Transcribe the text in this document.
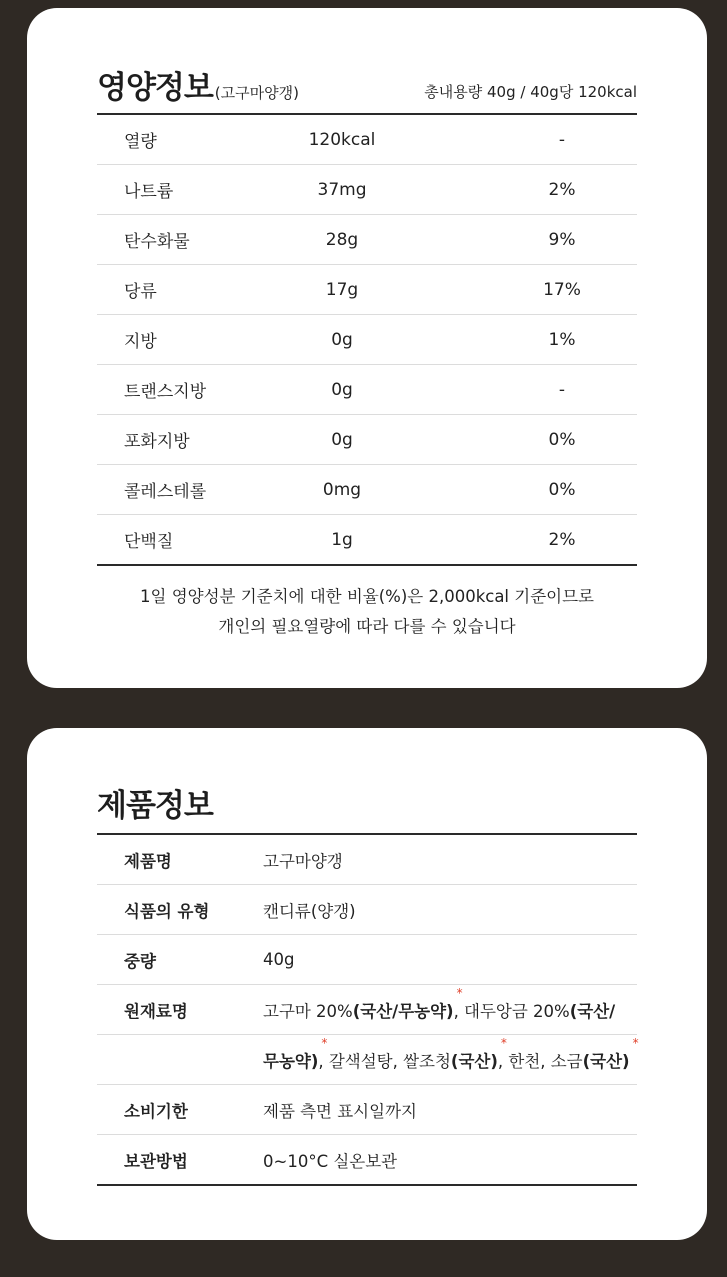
영양정보 (고구마양갱)	총내용량 40g / 40g당 120kcal
열량	120kcal	-
나트륨	37mg	2%
탄수화물	28g	9%
당류	17g	17%
지방	0g	1%
트랜스지방	0g	-
포화지방	0g	0%
콜레스테롤	0mg	0%
단백질	1g	2%
1일 영양성분 기준치에 대한 비율(%)은 2,000kcal 기준이므로
개인의 필요열량에 따라 다를 수 있습니다
제품정보
제품명	고구마양갱
식품의 유형	캔디류(양갱)
중량	40g
원재료명	고구마 20%(국산/무농약)
*
, 대두앙금 20%(국산/
무농약)
*
, 갈색설탕, 쌀조청(국산)
*
, 한천, 소금(국산)
*
소비기한	제품 측면 표시일까지
보관방법	0~10°C 실온보관
